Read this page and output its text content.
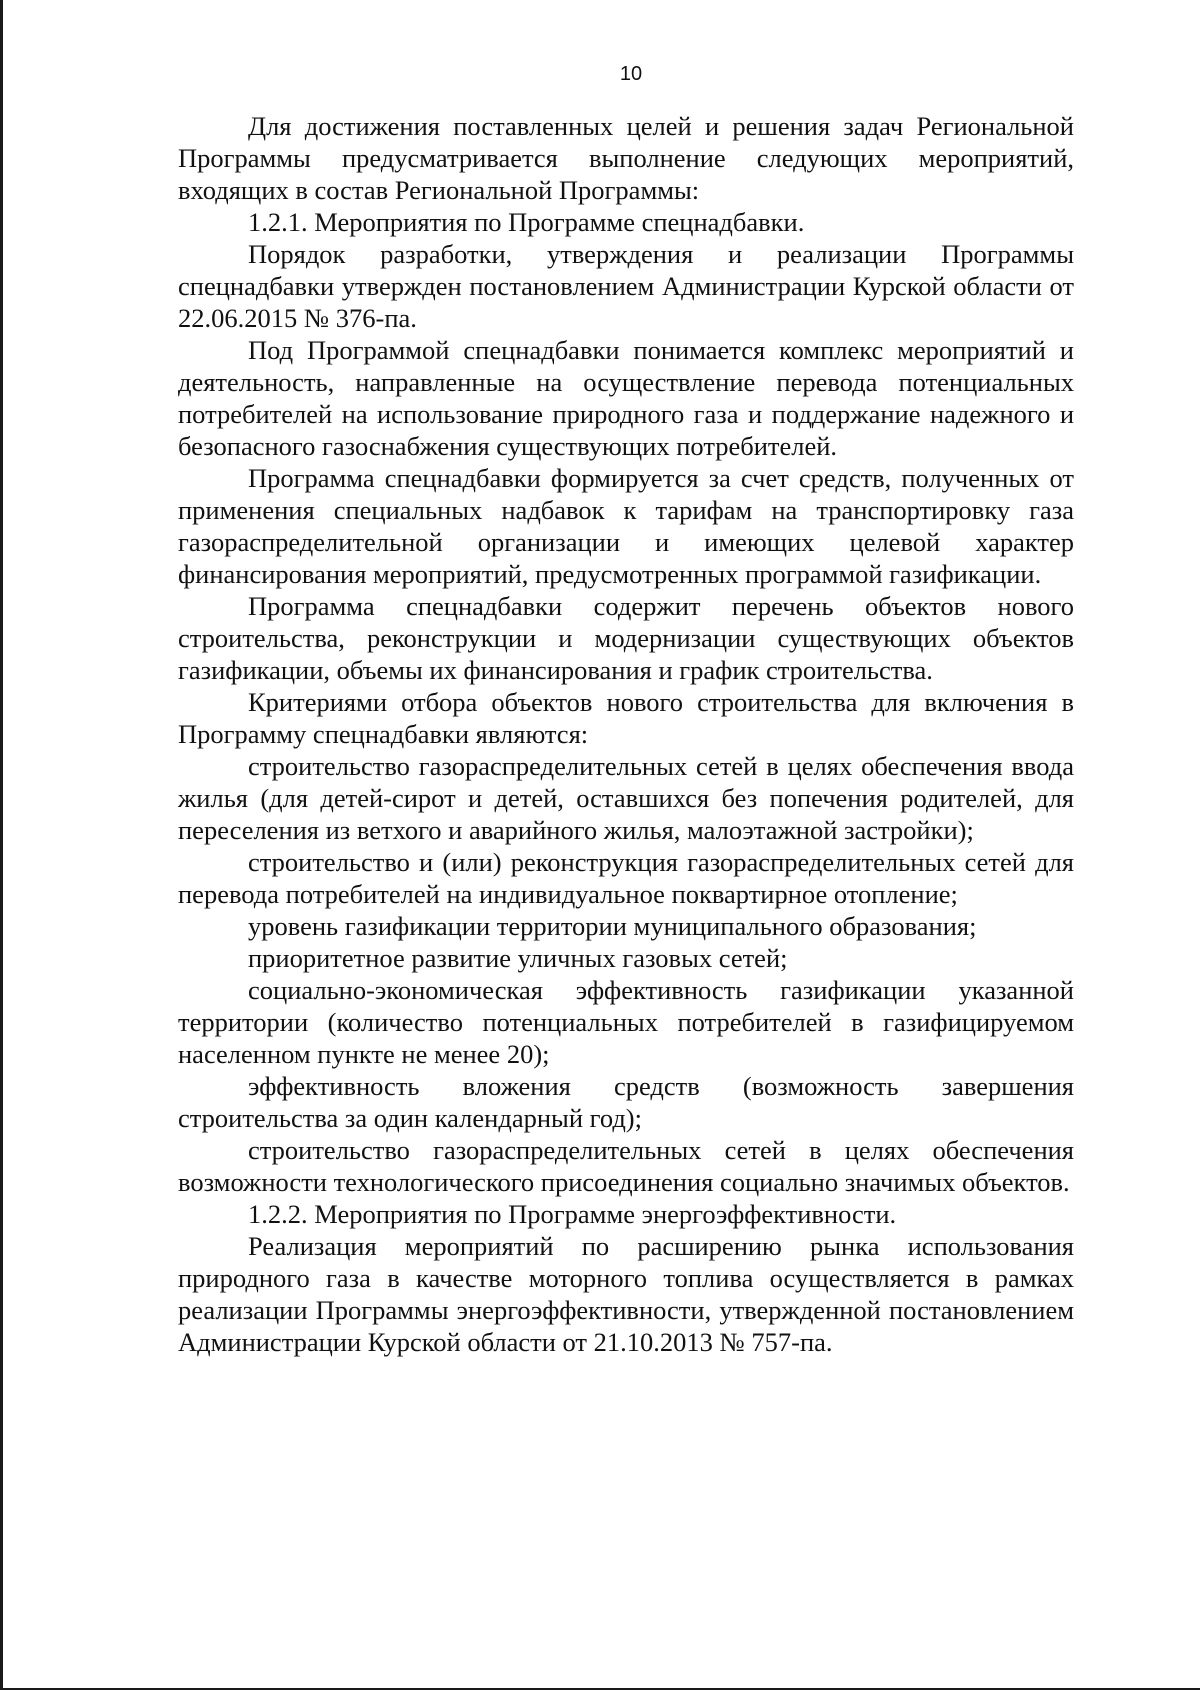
10

Для достижения поставленных целей и решения задач Региональной Программы предусматривается выполнение следующих мероприятий, входящих в состав Региональной Программы:

1.2.1. Мероприятия по Программе спецнадбавки.

Порядок разработки, утверждения и реализации Программы спецнадбавки утвержден постановлением Администрации Курской области от 22.06.2015 № 376-па.

Под Программой спецнадбавки понимается комплекс мероприятий и деятельность, направленные на осуществление перевода потенциальных потребителей на использование природного газа и поддержание надежного и безопасного газоснабжения существующих потребителей.

Программа спецнадбавки формируется за счет средств, полученных от применения специальных надбавок к тарифам на транспортировку газа газораспределительной организации и имеющих целевой характер финансирования мероприятий, предусмотренных программой газификации.

Программа спецнадбавки содержит перечень объектов нового строительства, реконструкции и модернизации существующих объектов газификации, объемы их финансирования и график строительства.

Критериями отбора объектов нового строительства для включения в Программу спецнадбавки являются:

строительство газораспределительных сетей в целях обеспечения ввода жилья (для детей-сирот и детей, оставшихся без попечения родителей, для переселения из ветхого и аварийного жилья, малоэтажной застройки);

строительство и (или) реконструкция газораспределительных сетей для перевода потребителей на индивидуальное поквартирное отопление;

уровень газификации территории муниципального образования;

приоритетное развитие уличных газовых сетей;

социально-экономическая эффективность газификации указанной территории (количество потенциальных потребителей в газифицируемом населенном пункте не менее 20);

эффективность вложения средств (возможность завершения строительства за один календарный год);

строительство газораспределительных сетей в целях обеспечения возможности технологического присоединения социально значимых объектов.

1.2.2. Мероприятия по Программе энергоэффективности.

Реализация мероприятий по расширению рынка использования природного газа в качестве моторного топлива осуществляется в рамках реализации Программы энергоэффективности, утвержденной постановлением Администрации Курской области от 21.10.2013 № 757-па.
